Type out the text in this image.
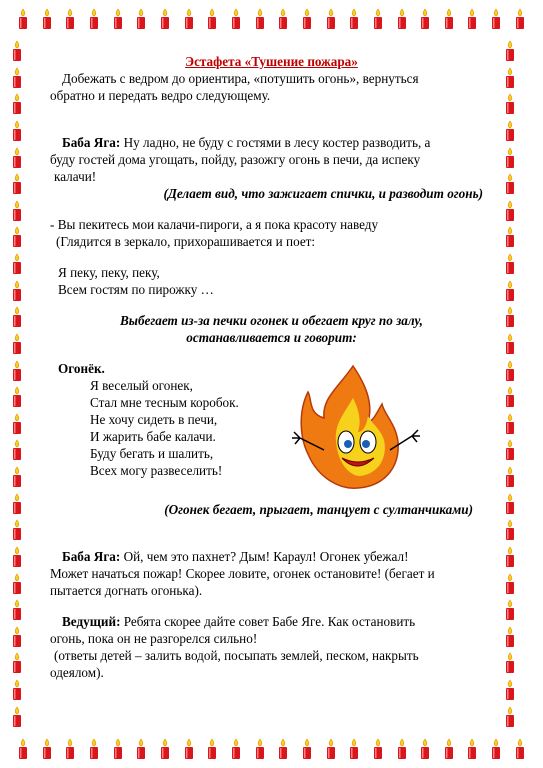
Эстафета «Тушение пожара»

Добежать с ведром до ориентира, «потушить огонь», вернуться
обратно и передать ведро следующему.

Баба Яга: Ну ладно, не буду с гостями в лесу костер разводить, а
буду гостей дома угощать, пойду, разожгу огонь в печи, да испеку
калачи!

(Делает вид, что зажигает спички, и разводит огонь)

- Вы пекитесь мои калачи-пироги, а я пока красоту наведу
(Глядится в зеркало, прихорашивается и поет:

Я пеку, пеку, пеку,
Всем гостям по пирожку …

Выбегает из-за печки огонек и обегает круг по залу,
останавливается и говорит:

Огонёк.

Я веселый огонек,
Стал мне тесным коробок.
Не хочу сидеть в печи,
И жарить бабе калачи.
Буду бегать и шалить,
Всех могу развеселить!

(Огонек бегает, прыгает, танцует с султанчиками)

Баба Яга: Ой, чем это пахнет? Дым! Караул! Огонек убежал!
Может начаться пожар! Скорее ловите, огонек остановите! (бегает и
пытается догнать огонька).

Ведущий: Ребята скорее дайте совет Бабе Яге. Как остановить
огонь, пока он не разгорелся сильно!
(ответы детей – залить водой, посыпать землей, песком, накрыть
одеялом).
